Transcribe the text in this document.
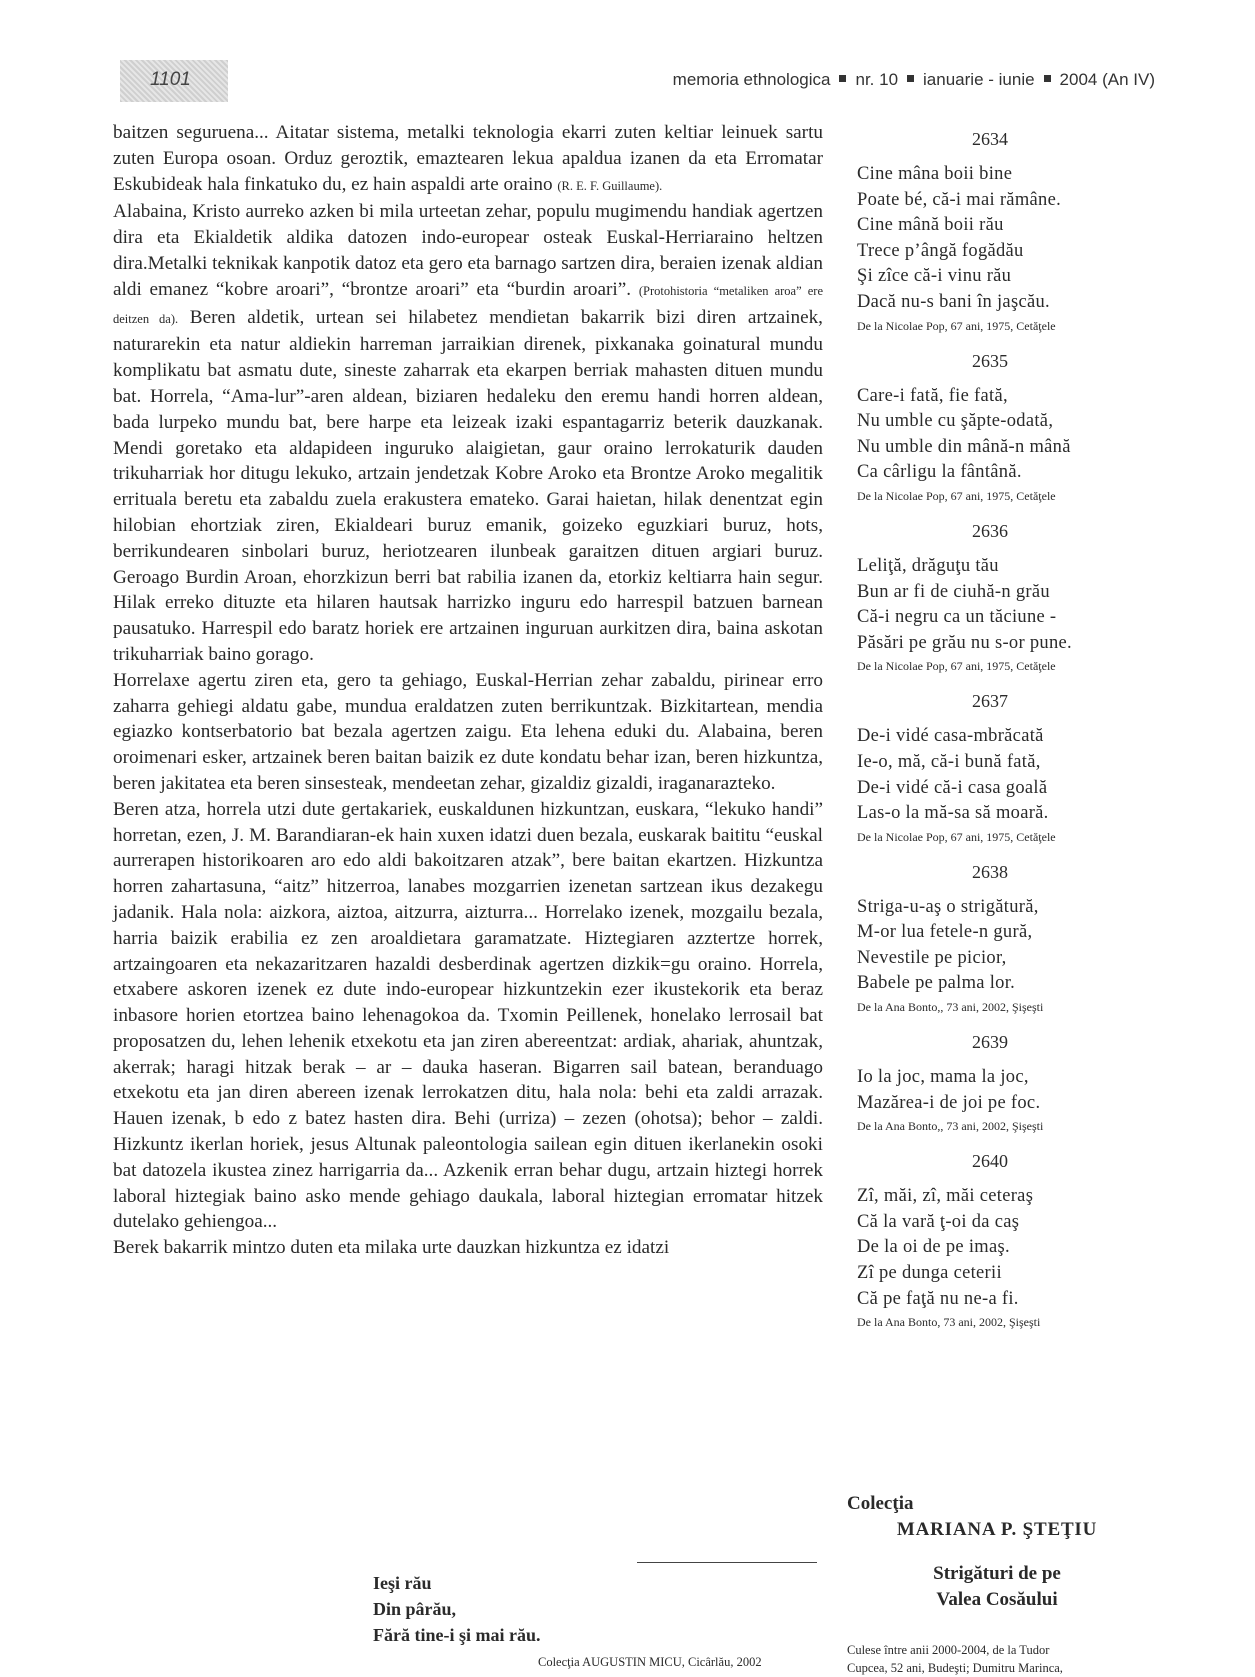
1101	memoria ethnologica nr. 10 ianuarie - iunie 2004 (An IV)

baitzen seguruena... Aitatar sistema, metalki teknologia ekarri zuten keltiar leinuek sartu zuten Europa osoan. Orduz geroztik, emaztearen lekua apaldua izanen da eta Erromatar Eskubideak hala finkatuko du, ez hain aspaldi arte oraino (R. E. F. Guillaume).

Alabaina, Kristo aurreko azken bi mila urteetan zehar, populu mugimendu handiak agertzen dira eta Ekialdetik aldika datozen indo-europear osteak Euskal-Herriaraino heltzen dira.Metalki teknikak kanpotik datoz eta gero eta barnago sartzen dira, beraien izenak aldian aldi emanez “kobre aroari”, “brontze aroari” eta “burdin aroari”. (Protohistoria “metaliken aroa” ere deitzen da). Beren aldetik, urtean sei hilabetez mendietan bakarrik bizi diren artzainek, naturarekin eta natur aldiekin harreman jarraikian direnek, pixkanaka goinatural mundu komplikatu bat asmatu dute, sineste zaharrak eta ekarpen berriak mahasten dituen mundu bat. Horrela, “Ama-lur”-aren aldean, biziaren hedaleku den eremu handi horren aldean, bada lurpeko mundu bat, bere harpe eta leizeak izaki espantagarriz beterik dauzkanak. Mendi goretako eta aldapideen inguruko alaigietan, gaur oraino lerrokaturik dauden trikuharriak hor ditugu lekuko, artzain jendetzak Kobre Aroko eta Brontze Aroko megalitik errituala beretu eta zabaldu zuela erakustera emateko. Garai haietan, hilak denentzat egin hilobian ehortziak ziren, Ekialdeari buruz emanik, goizeko eguzkiari buruz, hots, berrikundearen sinbolari buruz, heriotzearen ilunbeak garaitzen dituen argiari buruz. Geroago Burdin Aroan, ehorzkizun berri bat rabilia izanen da, etorkiz keltiarra hain segur. Hilak erreko dituzte eta hilaren hautsak harrizko inguru edo harrespil batzuen barnean pausatuko. Harrespil edo baratz horiek ere artzainen inguruan aurkitzen dira, baina askotan trikuharriak baino gorago.

Horrelaxe agertu ziren eta, gero ta gehiago, Euskal-Herrian zehar zabaldu, pirinear erro zaharra gehiegi aldatu gabe, mundua eraldatzen zuten berrikuntzak. Bizkitartean, mendia egiazko kontserbatorio bat bezala agertzen zaigu. Eta lehena eduki du. Alabaina, beren oroimenari esker, artzainek beren baitan baizik ez dute kondatu behar izan, beren hizkuntza, beren jakitatea eta beren sinsesteak, mendeetan zehar, gizaldiz gizaldi, iraganarazteko.

Beren atza, horrela utzi dute gertakariek, euskaldunen hizkuntzan, euskara, “lekuko handi” horretan, ezen, J. M. Barandiaran-ek hain xuxen idatzi duen bezala, euskarak baititu “euskal aurrerapen historikoaren aro edo aldi bakoitzaren atzak”, bere baitan ekartzen. Hizkuntza horren zahartasuna, “aitz” hitzerroa, lanabes mozgarrien izenetan sartzean ikus dezakegu jadanik. Hala nola: aizkora, aiztoa, aitzurra, aizturra... Horrelako izenek, mozgailu bezala, harria baizik erabilia ez zen aroaldietara garamatzate. Hiztegiaren azztertze horrek, artzaingoaren eta nekazaritzaren hazaldi desberdinak agertzen dizkik=gu oraino. Horrela, etxabere askoren izenek ez dute indo-europear hizkuntzekin ezer ikustekorik eta beraz inbasore horien etortzea baino lehenagokoa da. Txomin Peillenek, honelako lerrosail bat proposatzen du, lehen lehenik etxekotu eta jan ziren abereentzat: ardiak, ahariak, ahuntzak, akerrak; haragi hitzak berak – ar – dauka haseran. Bigarren sail batean, beranduago etxekotu eta jan diren abereen izenak lerrokatzen ditu, hala nola: behi eta zaldi arrazak. Hauen izenak, b edo z batez hasten dira. Behi (urriza) – zezen (ohotsa); behor – zaldi. Hizkuntz ikerlan horiek, jesus Altunak paleontologia sailean egin dituen ikerlanekin osoki bat datozela ikustea zinez harrigarria da... Azkenik erran behar dugu, artzain hiztegi horrek laboral hiztegiak baino asko mende gehiago daukala, laboral hiztegian erromatar hitzek dutelako gehiengoa...

Berek bakarrik mintzo duten eta milaka urte dauzkan hizkuntza ez idatzi

Ieşi rău
Din pârău,
Fără tine-i şi mai rău.
Colecţia AUGUSTIN MICU, Cicârlău, 2002
2634
Cine mâna boii bine
Poate bé, că-i mai rămâne.
Cine mână boii rău
Trece p’ângă fogădău
Şi zîce că-i vinu rău
Dacă nu-s bani în jaşcău.
De la Nicolae Pop, 67 ani, 1975, Cetăţele
2635
Care-i fată, fie fată,
Nu umble cu şăpte-odată,
Nu umble din mână-n mână
Ca cârligu la fântână.
De la Nicolae Pop, 67 ani, 1975, Cetăţele
2636
Leliţă, drăguţu tău
Bun ar fi de ciuhă-n grău
Că-i negru ca un tăciune -
Păsări pe grău nu s-or pune.
De la Nicolae Pop, 67 ani, 1975, Cetăţele
2637
De-i vidé casa-mbrăcată
Ie-o, mă, că-i bună fată,
De-i vidé că-i casa goală
Las-o la mă-sa să moară.
De la Nicolae Pop, 67 ani, 1975, Cetăţele
2638
Striga-u-aş o strigătură,
M-or lua fetele-n gură,
Nevestile pe picior,
Babele pe palma lor.
De la Ana Bonto,, 73 ani, 2002, Şişeşti
2639
Io la joc, mama la joc,
Mazărea-i de joi pe foc.
De la Ana Bonto,, 73 ani, 2002, Şişeşti
2640
Zî, măi, zî, măi ceteraş
Că la vară ţ-oi da caş
De la oi de pe imaş.
Zî pe dunga ceterii
Că pe faţă nu ne-a fi.
De la Ana Bonto, 73 ani, 2002, Şişeşti
Colecţia
MARIANA P. ŞTEŢIU
Strigături de pe
Valea Cosăului
Culese între anii 2000-2004, de la Tudor
Cupcea, 52 ani, Budeşti; Dumitru Marinca,
